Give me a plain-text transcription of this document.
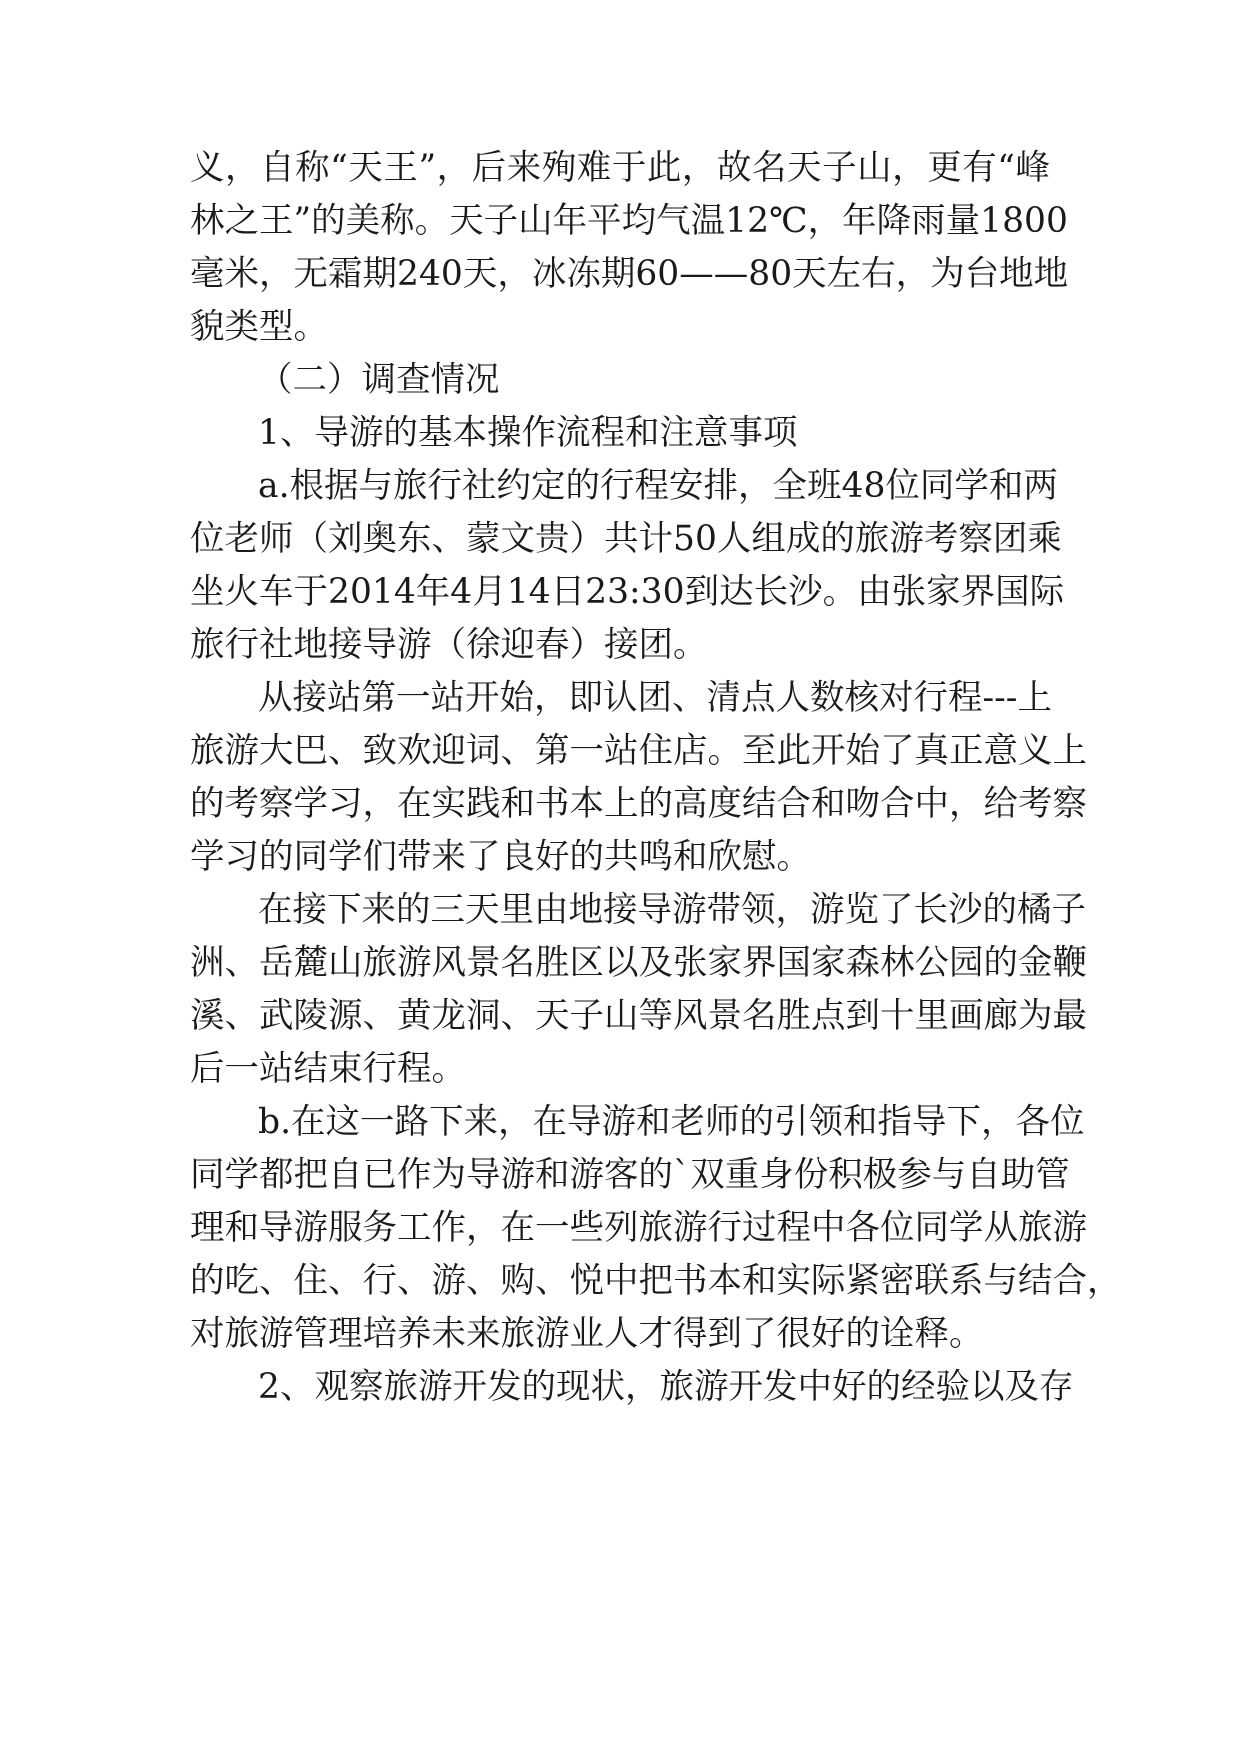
义，自称“天王”，后来殉难于此，故名天子山，更有“峰
林之王”的美称。天子山年平均气温12℃，年降雨量1800
毫米，无霜期240天，冰冻期60——80天左右，为台地地
貌类型。
（二）调查情况
1、导游的基本操作流程和注意事项
a.根据与旅行社约定的行程安排，全班48位同学和两
位老师（刘奥东、蒙文贵）共计50人组成的旅游考察团乘
坐火车于2014年4月14日23:30到达长沙。由张家界国际
旅行社地接导游（徐迎春）接团。
从接站第一站开始，即认团、清点人数核对行程---上
旅游大巴、致欢迎词、第一站住店。至此开始了真正意义上
的考察学习，在实践和书本上的高度结合和吻合中，给考察
学习的同学们带来了良好的共鸣和欣慰。
在接下来的三天里由地接导游带领，游览了长沙的橘子
洲、岳麓山旅游风景名胜区以及张家界国家森林公园的金鞭
溪、武陵源、黄龙洞、天子山等风景名胜点到十里画廊为最
后一站结束行程。
b.在这一路下来，在导游和老师的引领和指导下，各位
同学都把自已作为导游和游客的`双重身份积极参与自助管
理和导游服务工作，在一些列旅游行过程中各位同学从旅游
的吃、住、行、游、购、悦中把书本和实际紧密联系与结合，
对旅游管理培养未来旅游业人才得到了很好的诠释。
2、观察旅游开发的现状，旅游开发中好的经验以及存
